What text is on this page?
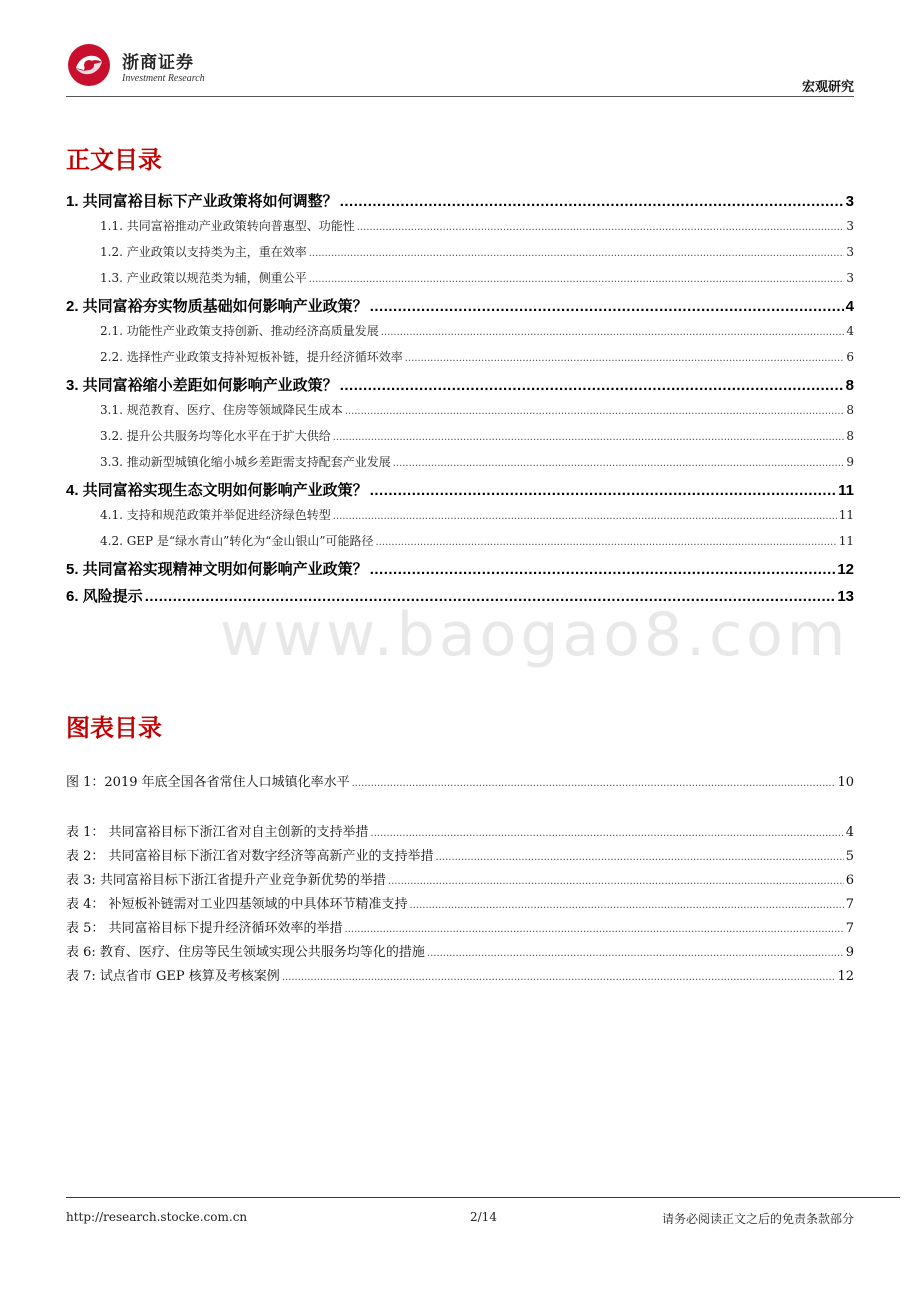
浙商证券
Investment Research
宏观研究
正文目录
1. 共同富裕目标下产业政策将如何调整？ .....	3
1.1. 共同富裕推动产业政策转向普惠型、功能性 .....	3
1.2. 产业政策以支持类为主，重在效率 .....	3
1.3. 产业政策以规范类为辅，侧重公平 .....	3
2. 共同富裕夯实物质基础如何影响产业政策？ .....	4
2.1. 功能性产业政策支持创新、推动经济高质量发展 .....	4
2.2. 选择性产业政策支持补短板补链，提升经济循环效率 .....	6
3. 共同富裕缩小差距如何影响产业政策？ .....	8
3.1. 规范教育、医疗、住房等领域降民生成本 .....	8
3.2. 提升公共服务均等化水平在于扩大供给 .....	8
3.3. 推动新型城镇化缩小城乡差距需支持配套产业发展 .....	9
4. 共同富裕实现生态文明如何影响产业政策？ .....	11
4.1. 支持和规范政策并举促进经济绿色转型 .....	11
4.2. GEP 是“绿水青山”转化为“金山银山”可能路径 .....	11
5. 共同富裕实现精神文明如何影响产业政策？ .....	12
6. 风险提示 .....	13
www.baogao8.com
图表目录
图 1：2019 年底全国各省常住人口城镇化率水平 .....	10
表 1： 共同富裕目标下浙江省对自主创新的支持举措 .....	4
表 2： 共同富裕目标下浙江省对数字经济等高新产业的支持举措 .....	5
表 3: 共同富裕目标下浙江省提升产业竞争新优势的举措 .....	6
表 4： 补短板补链需对工业四基领域的中具体环节精准支持 .....	7
表 5： 共同富裕目标下提升经济循环效率的举措 .....	7
表 6: 教育、医疗、住房等民生领域实现公共服务均等化的措施 .....	9
表 7: 试点省市 GEP 核算及考核案例 .....	12
http://research.stocke.com.cn	2/14	请务必阅读正文之后的免责条款部分
